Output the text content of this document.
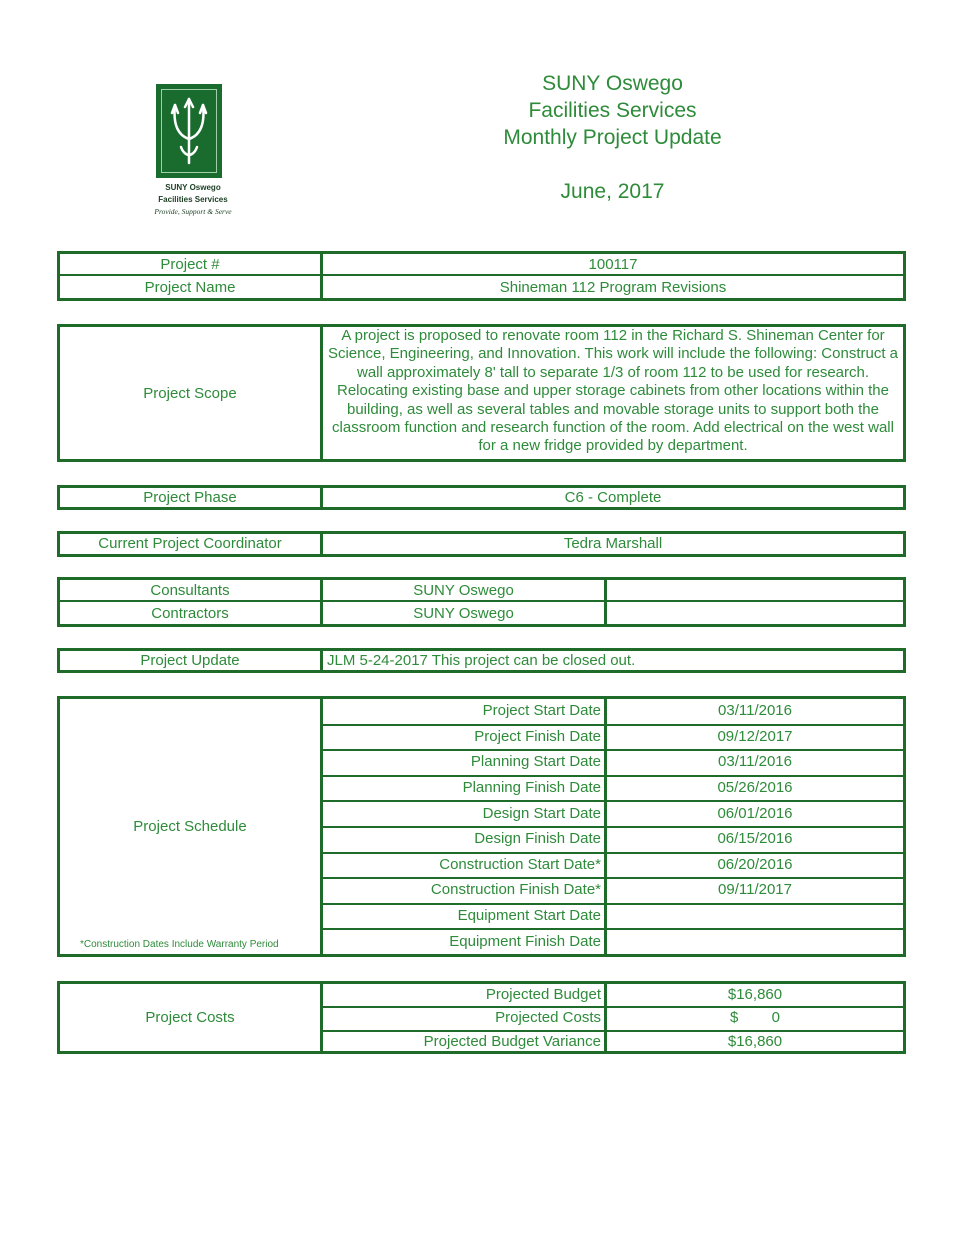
SUNY Oswego
Facilities Services
Monthly Project Update
June, 2017
SUNY Oswego
Facilities Services
Provide, Support & Serve
Project #	100117
Project Name	Shineman 112 Program Revisions
Project Scope
A project is proposed to renovate room 112 in the Richard S. Shineman Center for Science, Engineering, and Innovation. This work will include the following: Construct a wall approximately 8' tall to separate 1/3 of room 112 to be used for research. Relocating existing base and upper storage cabinets from other locations within the building, as well as several tables and movable storage units to support both the classroom function and research function of the room. Add electrical on the west wall for a new fridge provided by department.
Project Phase	C6 - Complete
Current Project Coordinator	Tedra Marshall
Consultants	SUNY Oswego
Contractors	SUNY Oswego
Project Update	JLM 5-24-2017 This project can be closed out.
Project Schedule
*Construction Dates Include Warranty Period
Project Start Date	03/11/2016
Project Finish Date	09/12/2017
Planning Start Date	03/11/2016
Planning Finish Date	05/26/2016
Design Start Date	06/01/2016
Design Finish Date	06/15/2016
Construction Start Date*	06/20/2016
Construction Finish Date*	09/11/2017
Equipment Start Date
Equipment Finish Date
Project Costs
Projected Budget	$16,860
Projected Costs	$        0
Projected Budget Variance	$16,860
